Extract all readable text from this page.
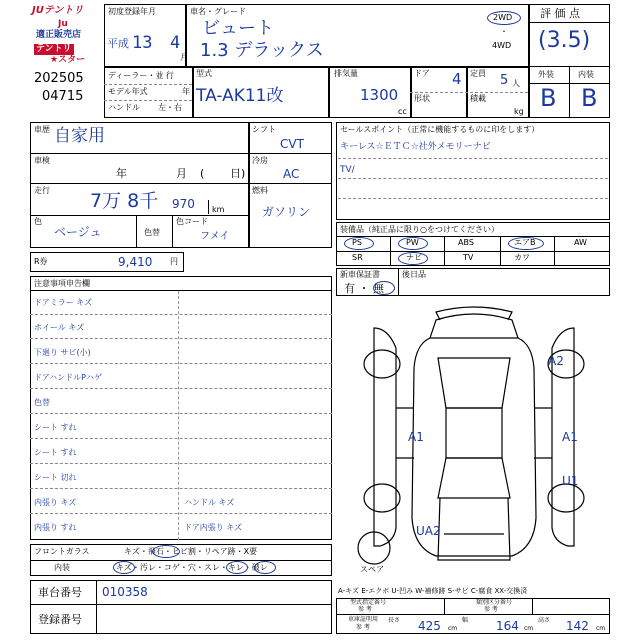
JUテントリ
Ju
適正販売店
テントリ
★スター
202505
04715
初度登録年月
平成 13 4
月
車名・グレード
ビュート
1.3 デラックス
2WD
・
4WD
評 価 点
(3.5)
外装	内装
B B
ディーラー・並 行
モデル年式	年
ハンドル 左・右
型式
TA-AK11改
排気量
1300
cc
ドア 4
形状
定員 5 人
積載
kg
車歴 自家用
車検
年	月 ( 日)
走行 7万 8千 970 km
色
ベージュ	色替
色コード
フメイ
シフト
CVT
冷房
AC
燃料
ガソリン
R券	9,410 円
セールスポイント（正常に機能するものに印をします）
キーレス☆ＥＴＣ☆社外メモリーナビ
TV/
装備品（純正品に限り○をつけてください）
PS	PW	ABS	エアB	AW
SR	ナビ	TV	カワ
新車保証書
有 ・ 無
後日品
注意事項申告欄
ドアミラー キズ
ホイール キズ
下廻り サビ(小)
ドアハンドルPハゲ
色替
シート すれ
シート すれ
シート 切れ
内張り キズ
内張り すれ
ハンドル キズ
ドア内張り キズ
フロントガラス	キズ・飛石・ヒビ割・リペア跡・X要
内装	キズ・汚レ・コゲ・穴・スレ・キレ・破レ
車台番号 010358
登録番号
A2
A1	A1
U1
UA2
スペア
A-キズ E-エクボ U-凹み W-補修跡 S-サビ C-腐食 XX-交換済
型式指定番号
参 考
類別区分番号
参 考
車庫証明用
参 考
長さ 425 cm
幅 164 cm
高さ 142 cm
